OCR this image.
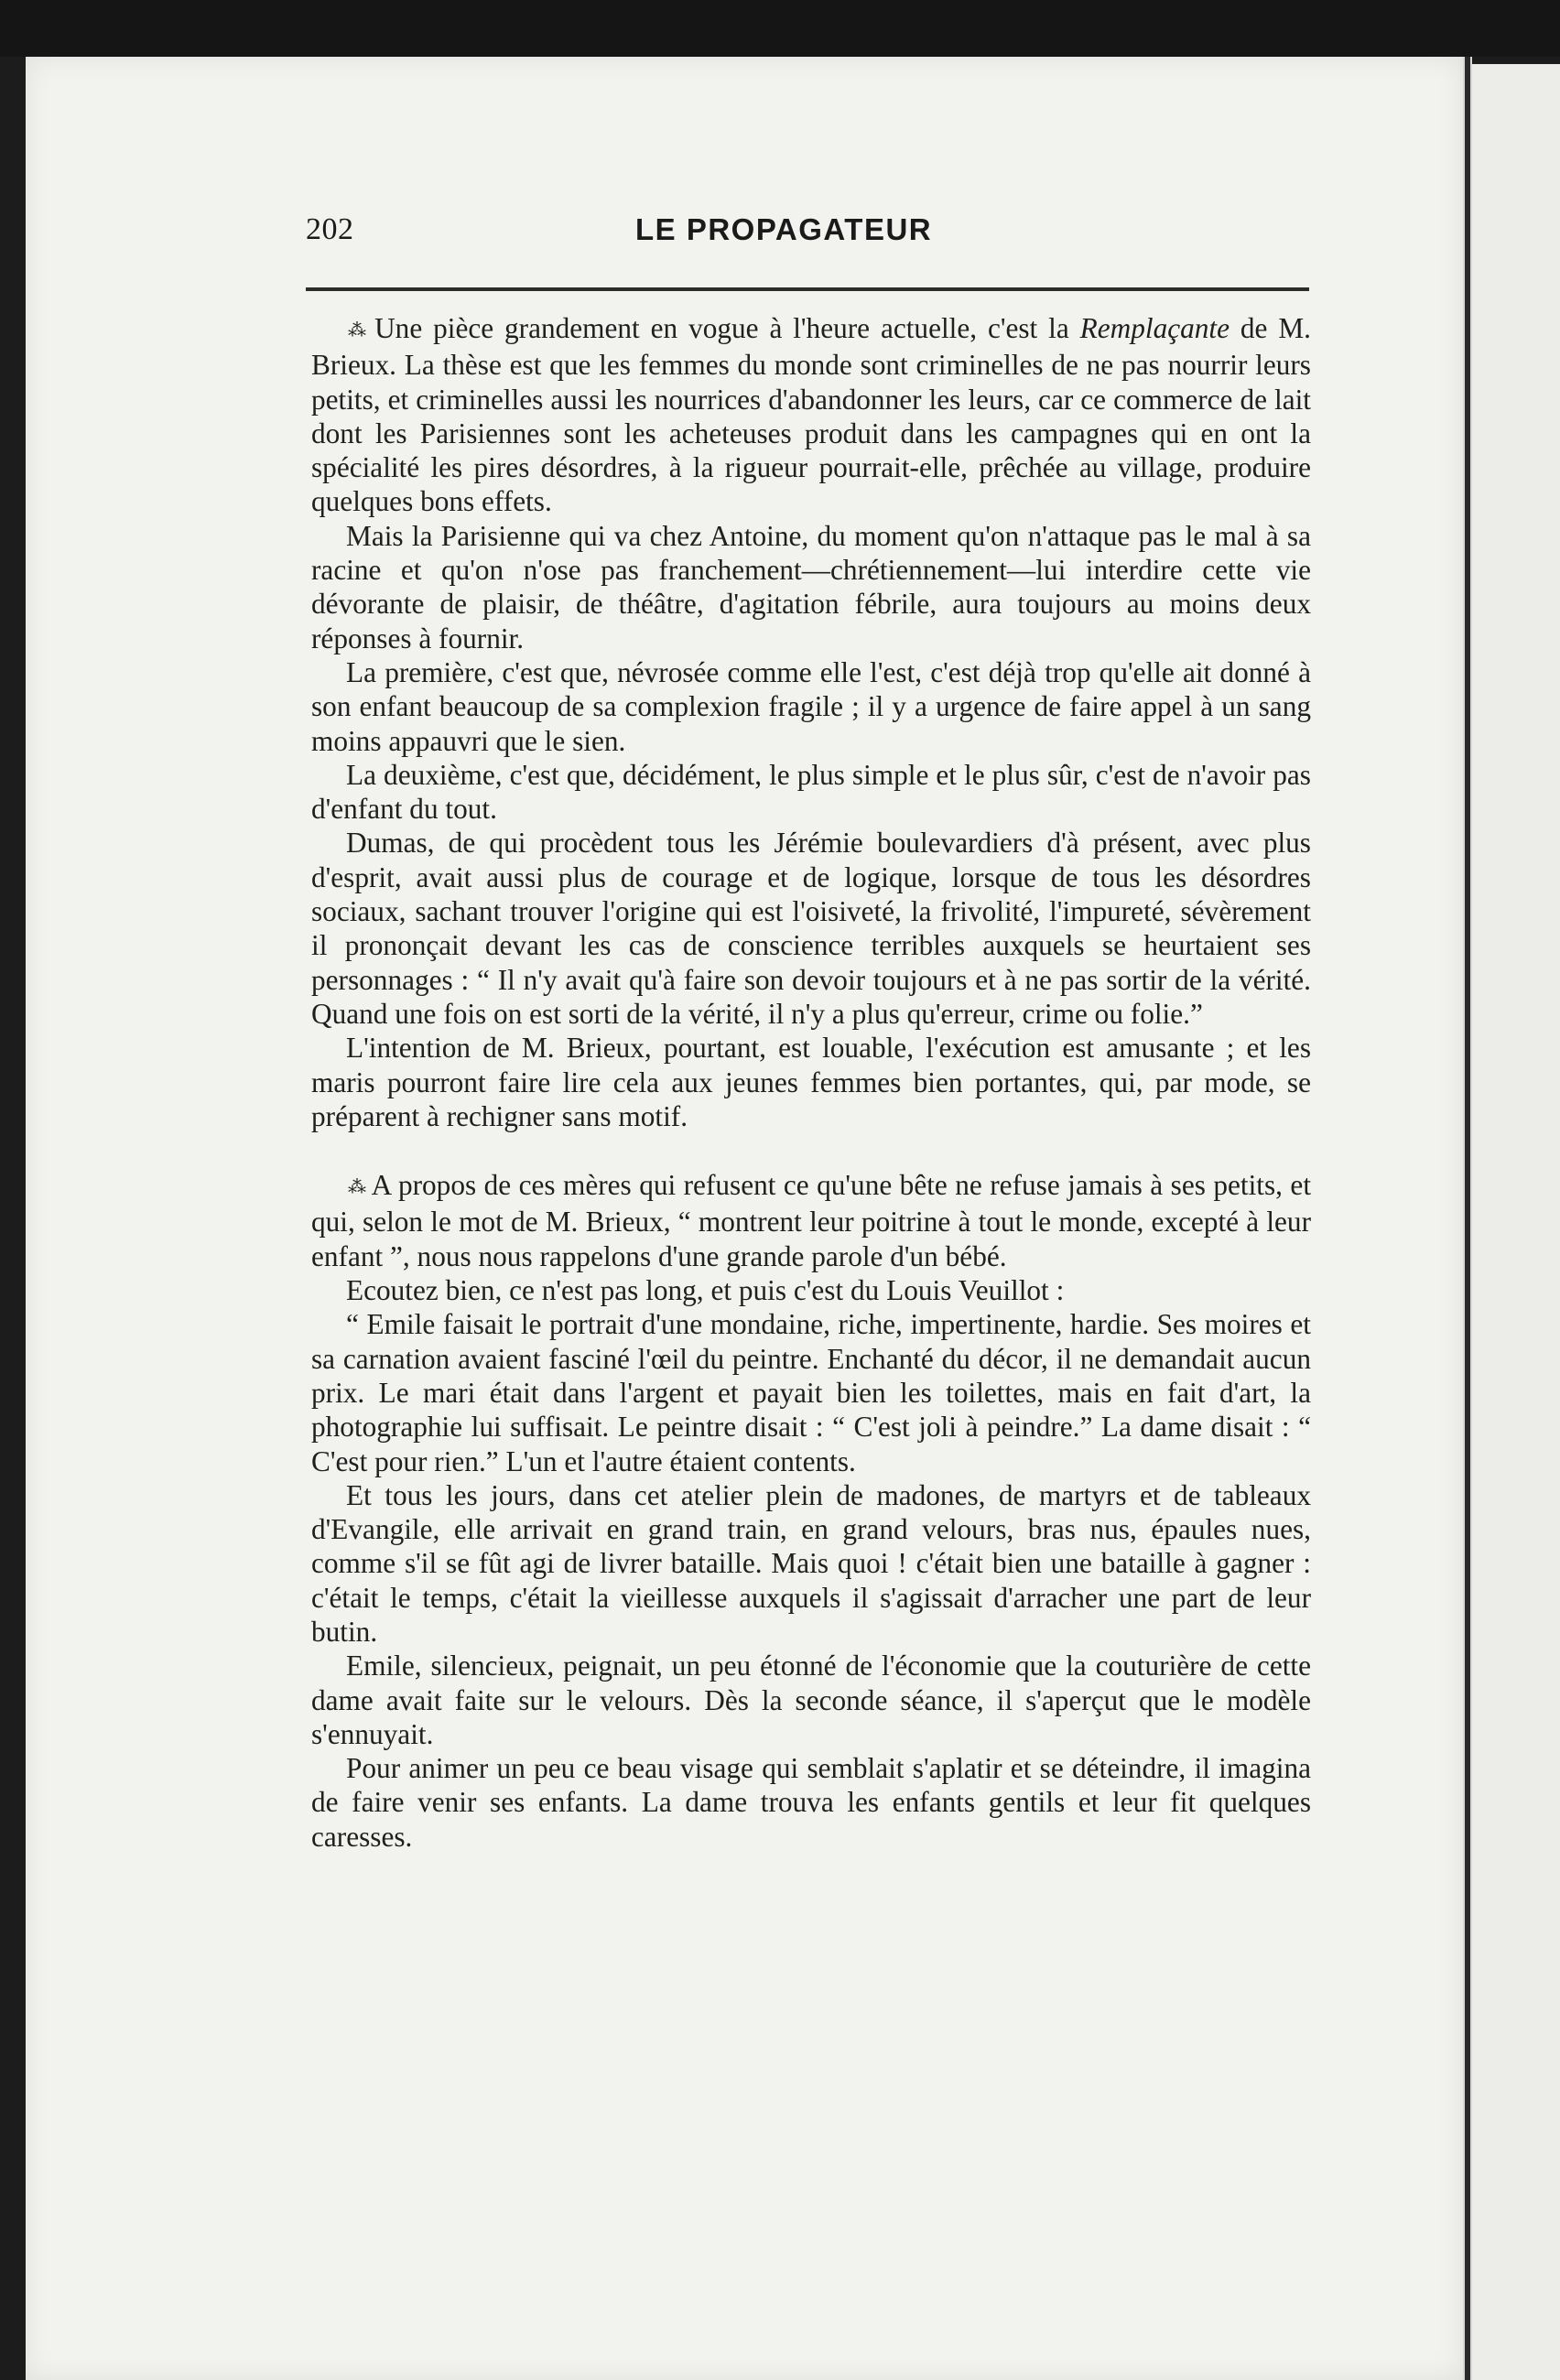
202	LE PROPAGATEUR

⁂ Une pièce grandement en vogue à l'heure actuelle, c'est la Remplaçante de M. Brieux. La thèse est que les femmes du monde sont criminelles de ne pas nourrir leurs petits, et criminelles aussi les nourrices d'abandonner les leurs, car ce commerce de lait dont les Parisiennes sont les acheteuses produit dans les campagnes qui en ont la spécialité les pires désordres, à la rigueur pourrait-elle, prêchée au village, produire quelques bons effets.

Mais la Parisienne qui va chez Antoine, du moment qu'on n'attaque pas le mal à sa racine et qu'on n'ose pas franchement—chrétiennement—lui interdire cette vie dévorante de plaisir, de théâtre, d'agitation fébrile, aura toujours au moins deux réponses à fournir.

La première, c'est que, névrosée comme elle l'est, c'est déjà trop qu'elle ait donné à son enfant beaucoup de sa complexion fragile ; il y a urgence de faire appel à un sang moins appauvri que le sien.

La deuxième, c'est que, décidément, le plus simple et le plus sûr, c'est de n'avoir pas d'enfant du tout.

Dumas, de qui procèdent tous les Jérémie boulevardiers d'à présent, avec plus d'esprit, avait aussi plus de courage et de logique, lorsque de tous les désordres sociaux, sachant trouver l'origine qui est l'oisiveté, la frivolité, l'impureté, sévèrement il prononçait devant les cas de conscience terribles auxquels se heurtaient ses personnages : “ Il n'y avait qu'à faire son devoir toujours et à ne pas sortir de la vérité. Quand une fois on est sorti de la vérité, il n'y a plus qu'erreur, crime ou folie.”

L'intention de M. Brieux, pourtant, est louable, l'exécution est amusante ; et les maris pourront faire lire cela aux jeunes femmes bien portantes, qui, par mode, se préparent à rechigner sans motif.

⁂ A propos de ces mères qui refusent ce qu'une bête ne refuse jamais à ses petits, et qui, selon le mot de M. Brieux, “ montrent leur poitrine à tout le monde, excepté à leur enfant ”, nous nous rappelons d'une grande parole d'un bébé.

Ecoutez bien, ce n'est pas long, et puis c'est du Louis Veuillot :

“ Emile faisait le portrait d'une mondaine, riche, impertinente, hardie. Ses moires et sa carnation avaient fasciné l'œil du peintre. Enchanté du décor, il ne demandait aucun prix. Le mari était dans l'argent et payait bien les toilettes, mais en fait d'art, la photographie lui suffisait. Le peintre disait : “ C'est joli à peindre.” La dame disait : “ C'est pour rien.” L'un et l'autre étaient contents.

Et tous les jours, dans cet atelier plein de madones, de martyrs et de tableaux d'Evangile, elle arrivait en grand train, en grand velours, bras nus, épaules nues, comme s'il se fût agi de livrer bataille. Mais quoi ! c'était bien une bataille à gagner : c'était le temps, c'était la vieillesse auxquels il s'agissait d'arracher une part de leur butin.

Emile, silencieux, peignait, un peu étonné de l'économie que la couturière de cette dame avait faite sur le velours. Dès la seconde séance, il s'aperçut que le modèle s'ennuyait.

Pour animer un peu ce beau visage qui semblait s'aplatir et se déteindre, il imagina de faire venir ses enfants. La dame trouva les enfants gentils et leur fit quelques caresses.
